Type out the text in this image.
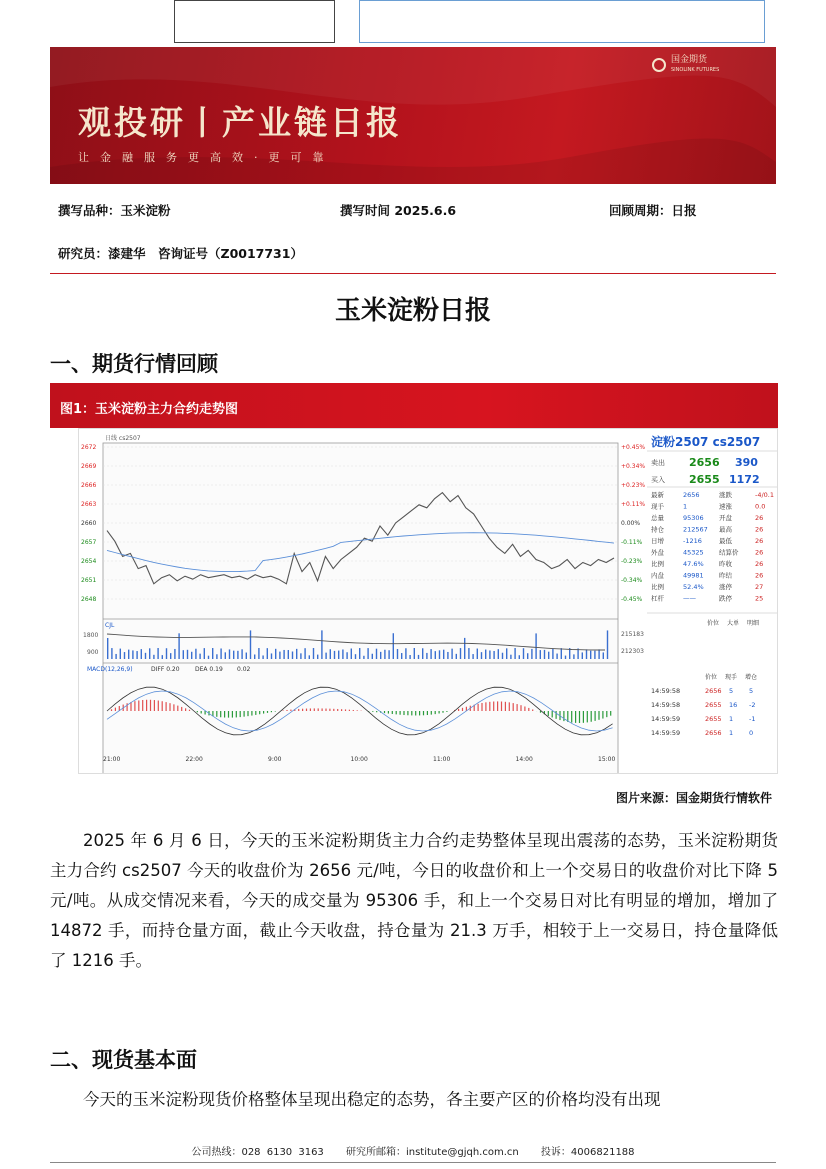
国金期货
SINOLINK FUTURES
观投研丨产业链日报
让金融服务更高效·更可靠
撰写品种：玉米淀粉	撰写时间 2025.6.6	回顾周期：日报
研究员：漆建华　咨询证号（Z0017731）
玉米淀粉日报
一、期货行情回顾
图1：玉米淀粉主力合约走势图
日线 cs2507
2672
2669
2666
2663
2660
2657
2654
2651
2648
+0.45%
+0.34%
+0.23%
+0.11%
0.00%
-0.11%
-0.23%
-0.34%
-0.45%
CJL
1800
900
215183
212303
MACD(12,26,9)	DIFF 0.20	DEA 0.19 0.02
21:00	22:00	9:00	10:00	11:00	14:00	15:00
淀粉2507 cs2507
卖出 2656 390
买入 2655 1172
最新	2656	涨跌	-4/0.1
现手	1	速涨	0.0
总量	95306 开盘	26
持仓	212567 最高	26
日增	-1216	最低	26
外盘	45325 结算价	26
比例	47.6% 昨收	26
内盘	49981 昨结	26
比例	52.4% 涨停	27
杠杆	——	跌停	25
价位 大单 明细
价位 现手 增仓
14:59:58	2656 5 5
14:59:58	2655 16 -2
14:59:59	2655 1 -1
14:59:59	2656 1 0
图片来源：国金期货行情软件
2025 年 6 月 6 日，今天的玉米淀粉期货主力合约走势整体呈现出震荡的态势，玉米淀粉期货主力合约 cs2507 今天的收盘价为 2656 元/吨，今日的收盘价和上一个交易日的收盘价对比下降 5 元/吨。从成交情况来看，今天的成交量为 95306 手，和上一个交易日对比有明显的增加，增加了 14872 手，而持仓量方面，截止今天收盘，持仓量为 21.3 万手，相较于上一交易日，持仓量降低了 1216 手。
二、现货基本面
今天的玉米淀粉现货价格整体呈现出稳定的态势，各主要产区的价格均没有出现
公司热线：028 6130 3163 研究所邮箱：institute@gjqh.com.cn 投诉：4006821188
